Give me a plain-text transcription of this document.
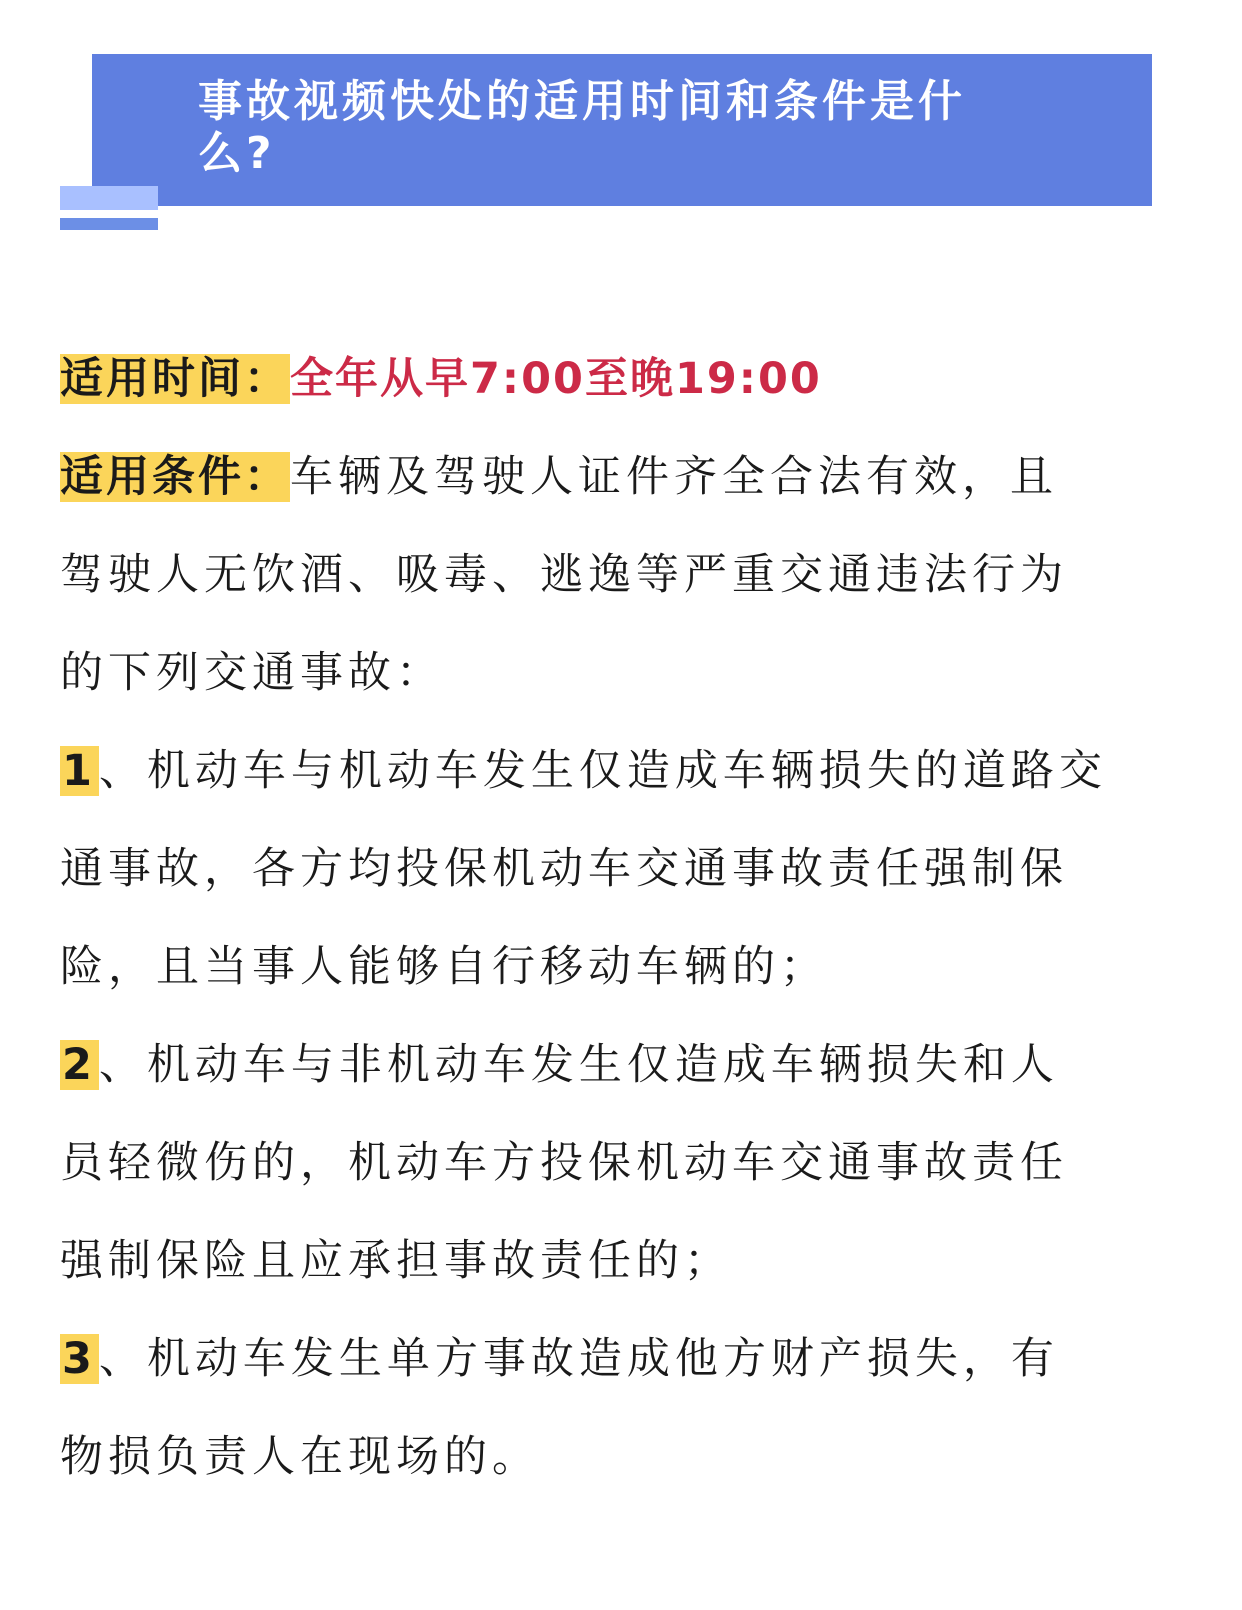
事故视频快处的适用时间和条件是什
么?
适用时间：全年从早7:00至晚19:00
适用条件：车辆及驾驶人证件齐全合法有效，且
驾驶人无饮酒、吸毒、逃逸等严重交通违法行为
的下列交通事故：
1、机动车与机动车发生仅造成车辆损失的道路交
通事故，各方均投保机动车交通事故责任强制保
险，且当事人能够自行移动车辆的；
2、机动车与非机动车发生仅造成车辆损失和人
员轻微伤的，机动车方投保机动车交通事故责任
强制保险且应承担事故责任的；
3、机动车发生单方事故造成他方财产损失，有
物损负责人在现场的。
